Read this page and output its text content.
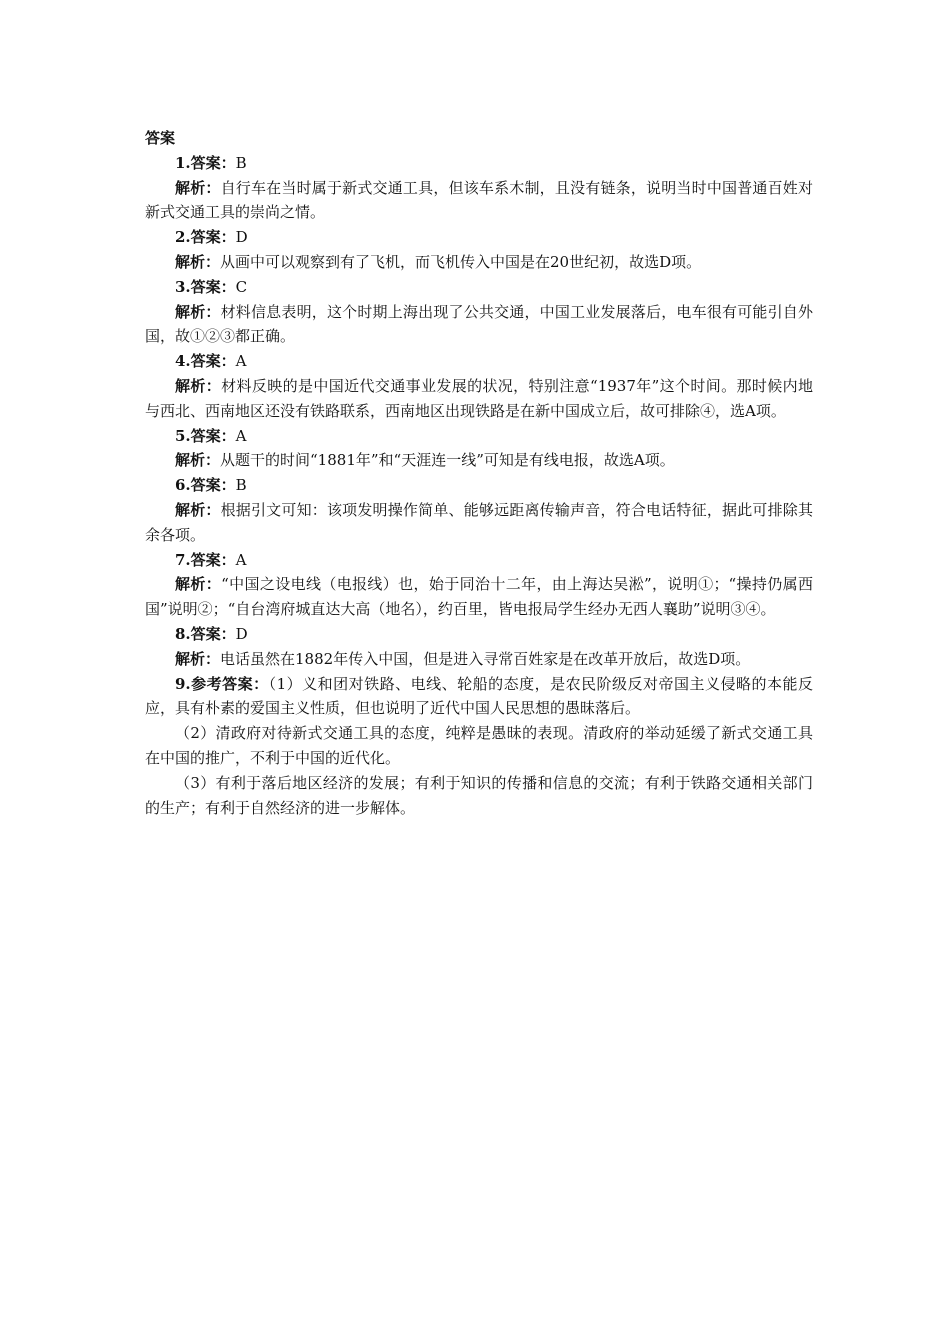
答案

1.答案：B

解析：自行车在当时属于新式交通工具，但该车系木制，且没有链条，说明当时中国普通百姓对新式交通工具的崇尚之情。

2.答案：D

解析：从画中可以观察到有了飞机，而飞机传入中国是在20世纪初，故选D项。

3.答案：C

解析：材料信息表明，这个时期上海出现了公共交通，中国工业发展落后，电车很有可能引自外国，故①②③都正确。

4.答案：A

解析：材料反映的是中国近代交通事业发展的状况，特别注意“1937年”这个时间。那时候内地与西北、西南地区还没有铁路联系，西南地区出现铁路是在新中国成立后，故可排除④，选A项。

5.答案：A

解析：从题干的时间“1881年”和“天涯连一线”可知是有线电报，故选A项。

6.答案：B

解析：根据引文可知：该项发明操作简单、能够远距离传输声音，符合电话特征，据此可排除其余各项。

7.答案：A

解析：“中国之设电线（电报线）也，始于同治十二年，由上海达吴淞”，说明①；“操持仍属西国”说明②；“自台湾府城直达大高（地名），约百里，皆电报局学生经办无西人襄助”说明③④。

8.答案：D

解析：电话虽然在1882年传入中国，但是进入寻常百姓家是在改革开放后，故选D项。

9.参考答案：（1）义和团对铁路、电线、轮船的态度，是农民阶级反对帝国主义侵略的本能反应，具有朴素的爱国主义性质，但也说明了近代中国人民思想的愚昧落后。

（2）清政府对待新式交通工具的态度，纯粹是愚昧的表现。清政府的举动延缓了新式交通工具在中国的推广，不利于中国的近代化。

（3）有利于落后地区经济的发展；有利于知识的传播和信息的交流；有利于铁路交通相关部门的生产；有利于自然经济的进一步解体。
